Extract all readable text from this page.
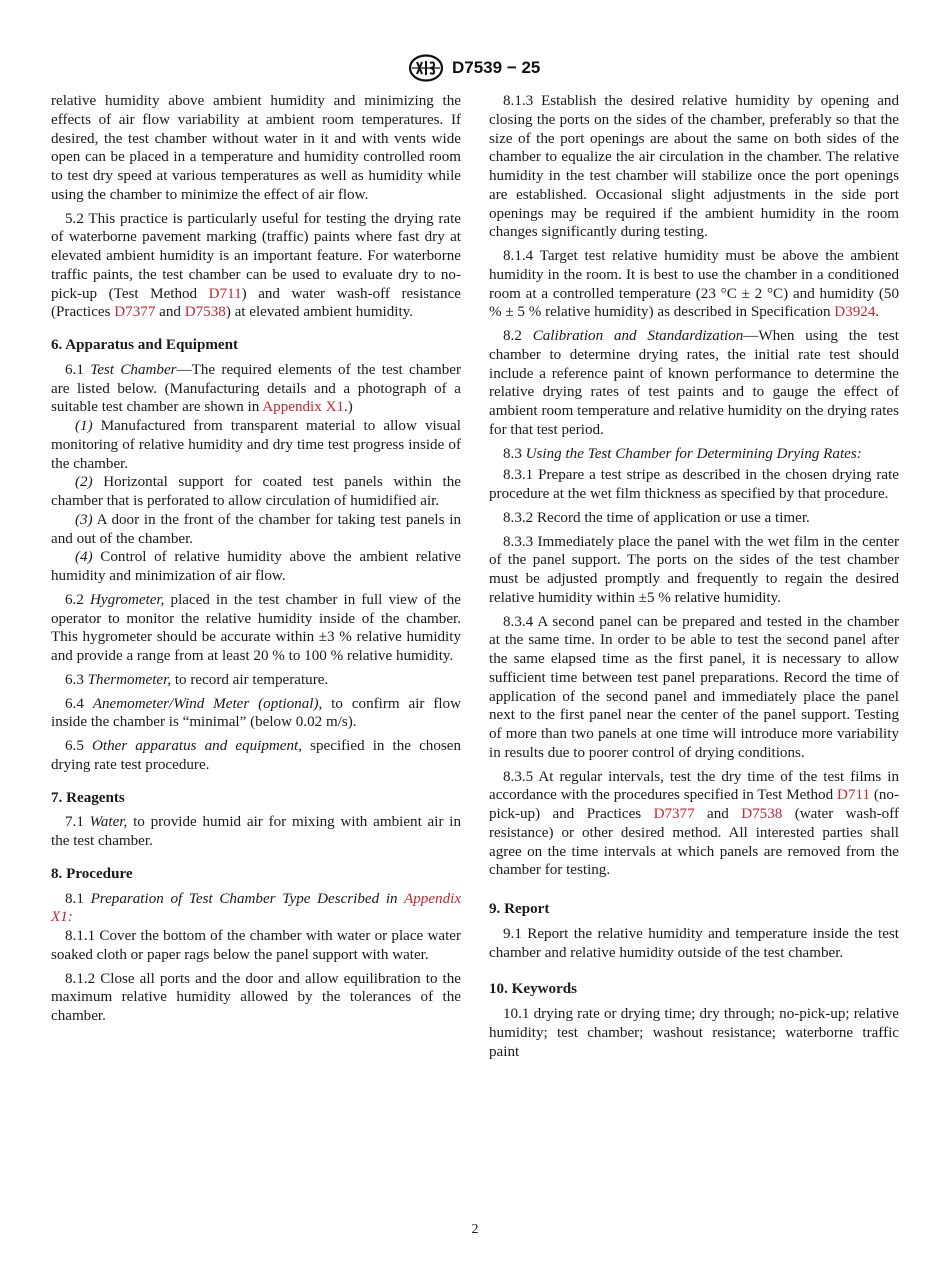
D7539 − 25

relative humidity above ambient humidity and minimizing the effects of air flow variability at ambient room temperatures. If desired, the test chamber without water in it and with vents wide open can be placed in a temperature and humidity controlled room to test dry speed at various temperatures as well as humidity while using the chamber to minimize the effect of air flow.

5.2 This practice is particularly useful for testing the drying rate of waterborne pavement marking (traffic) paints where fast dry at elevated ambient humidity is an important feature. For waterborne traffic paints, the test chamber can be used to evaluate dry to no-pick-up (Test Method D711) and water wash-off resistance (Practices D7377 and D7538) at elevated ambient humidity.

6. Apparatus and Equipment

6.1 Test Chamber—The required elements of the test chamber are listed below. (Manufacturing details and a photograph of a suitable test chamber are shown in Appendix X1.)

(1) Manufactured from transparent material to allow visual monitoring of relative humidity and dry time test progress inside of the chamber.

(2) Horizontal support for coated test panels within the chamber that is perforated to allow circulation of humidified air.

(3) A door in the front of the chamber for taking test panels in and out of the chamber.

(4) Control of relative humidity above the ambient relative humidity and minimization of air flow.

6.2 Hygrometer, placed in the test chamber in full view of the operator to monitor the relative humidity inside of the chamber. This hygrometer should be accurate within ±3 % relative humidity and provide a range from at least 20 % to 100 % relative humidity.

6.3 Thermometer, to record air temperature.

6.4 Anemometer/Wind Meter (optional), to confirm air flow inside the chamber is “minimal” (below 0.02 m/s).

6.5 Other apparatus and equipment, specified in the chosen drying rate test procedure.

7. Reagents

7.1 Water, to provide humid air for mixing with ambient air in the test chamber.

8. Procedure

8.1 Preparation of Test Chamber Type Described in Appendix X1:

8.1.1 Cover the bottom of the chamber with water or place water soaked cloth or paper rags below the panel support with water.

8.1.2 Close all ports and the door and allow equilibration to the maximum relative humidity allowed by the tolerances of the chamber.

8.1.3 Establish the desired relative humidity by opening and closing the ports on the sides of the chamber, preferably so that the size of the port openings are about the same on both sides of the chamber to equalize the air circulation in the chamber. The relative humidity in the test chamber will stabilize once the port openings are established. Occasional slight adjustments in the side port openings may be required if the ambient humidity in the room changes significantly during testing.

8.1.4 Target test relative humidity must be above the ambient humidity in the room. It is best to use the chamber in a conditioned room at a controlled temperature (23 °C ± 2 °C) and humidity (50 % ± 5 % relative humidity) as described in Specification D3924.

8.2 Calibration and Standardization—When using the test chamber to determine drying rates, the initial rate test should include a reference paint of known performance to determine the relative drying rates of test paints and to gauge the effect of ambient room temperature and relative humidity on the drying rates for that test period.

8.3 Using the Test Chamber for Determining Drying Rates:

8.3.1 Prepare a test stripe as described in the chosen drying rate procedure at the wet film thickness as specified by that procedure.

8.3.2 Record the time of application or use a timer.

8.3.3 Immediately place the panel with the wet film in the center of the panel support. The ports on the sides of the test chamber must be adjusted promptly and frequently to regain the desired relative humidity within ±5 % relative humidity.

8.3.4 A second panel can be prepared and tested in the chamber at the same time. In order to be able to test the second panel after the same elapsed time as the first panel, it is necessary to allow sufficient time between test panel preparations. Record the time of application of the second panel and immediately place the panel next to the first panel near the center of the panel support. Testing of more than two panels at one time will introduce more variability in results due to poorer control of drying conditions.

8.3.5 At regular intervals, test the dry time of the test films in accordance with the procedures specified in Test Method D711 (no-pick-up) and Practices D7377 and D7538 (water wash-off resistance) or other desired method. All interested parties shall agree on the time intervals at which panels are removed from the chamber for testing.

9. Report

9.1 Report the relative humidity and temperature inside the test chamber and relative humidity outside of the test chamber.

10. Keywords

10.1 drying rate or drying time; dry through; no-pick-up; relative humidity; test chamber; washout resistance; waterborne traffic paint

2
